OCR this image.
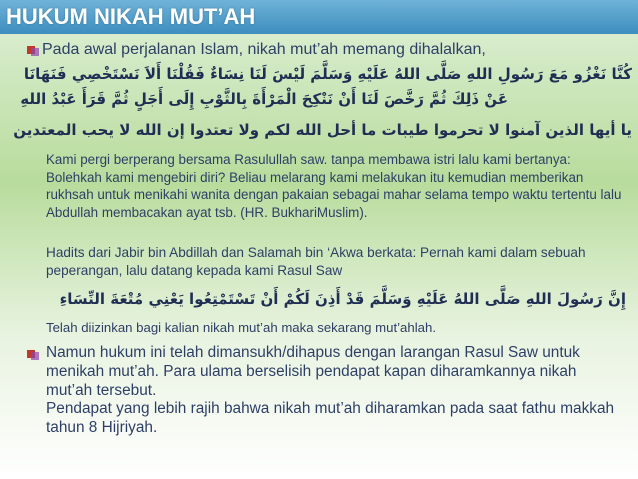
HUKUM NIKAH MUT’AH
Pada awal perjalanan Islam, nikah mut’ah memang dihalalkan,
كُنَّا نَغْزُو مَعَ رَسُولِ اللهِ صَلَّى اللهُ عَلَيْهِ وَسَلَّمَ لَيْسَ لَنَا نِسَاءٌ فَقُلْنَا أَلاَ نَسْتَخْصِي فَنَهَانَا
عَنْ ذَلِكَ ثُمَّ رَخَّصَ لَنَا أَنْ نَنْكِحَ الْمَرْأَةَ بِالثَّوْبِ إِلَى أَجَلٍ ثُمَّ قَرَأَ عَبْدُ اللهِ
يا أيها الذين آمنوا لا تحرموا طيبات ما أحل الله لكم ولا تعتدوا إن الله لا يحب المعتدين
Kami pergi berperang bersama Rasulullah saw. tanpa membawa istri lalu kami bertanya: Bolehkah kami mengebiri diri? Beliau melarang kami melakukan itu kemudian memberikan rukhsah untuk menikahi wanita dengan pakaian sebagai mahar selama tempo waktu tertentu lalu Abdullah membacakan ayat tsb. (HR. BukhariMuslim).
Hadits dari Jabir bin Abdillah dan Salamah bin ‘Akwa berkata: Pernah kami dalam sebuah peperangan, lalu datang kepada kami Rasul Saw
إِنَّ رَسُولَ اللهِ صَلَّى اللهُ عَلَيْهِ وَسَلَّمَ قَدْ أَذِنَ لَكُمْ أَنْ تَسْتَمْتِعُوا يَعْنِي مُتْعَةَ النِّسَاءِ
Telah diizinkan bagi kalian nikah mut’ah maka sekarang mut’ahlah.
Namun hukum ini telah dimansukh/dihapus dengan larangan Rasul Saw untuk menikah mut’ah. Para ulama berselisih pendapat kapan diharamkannya nikah mut’ah tersebut.
Pendapat yang lebih rajih bahwa nikah mut’ah diharamkan pada saat fathu makkah tahun 8 Hijriyah.
